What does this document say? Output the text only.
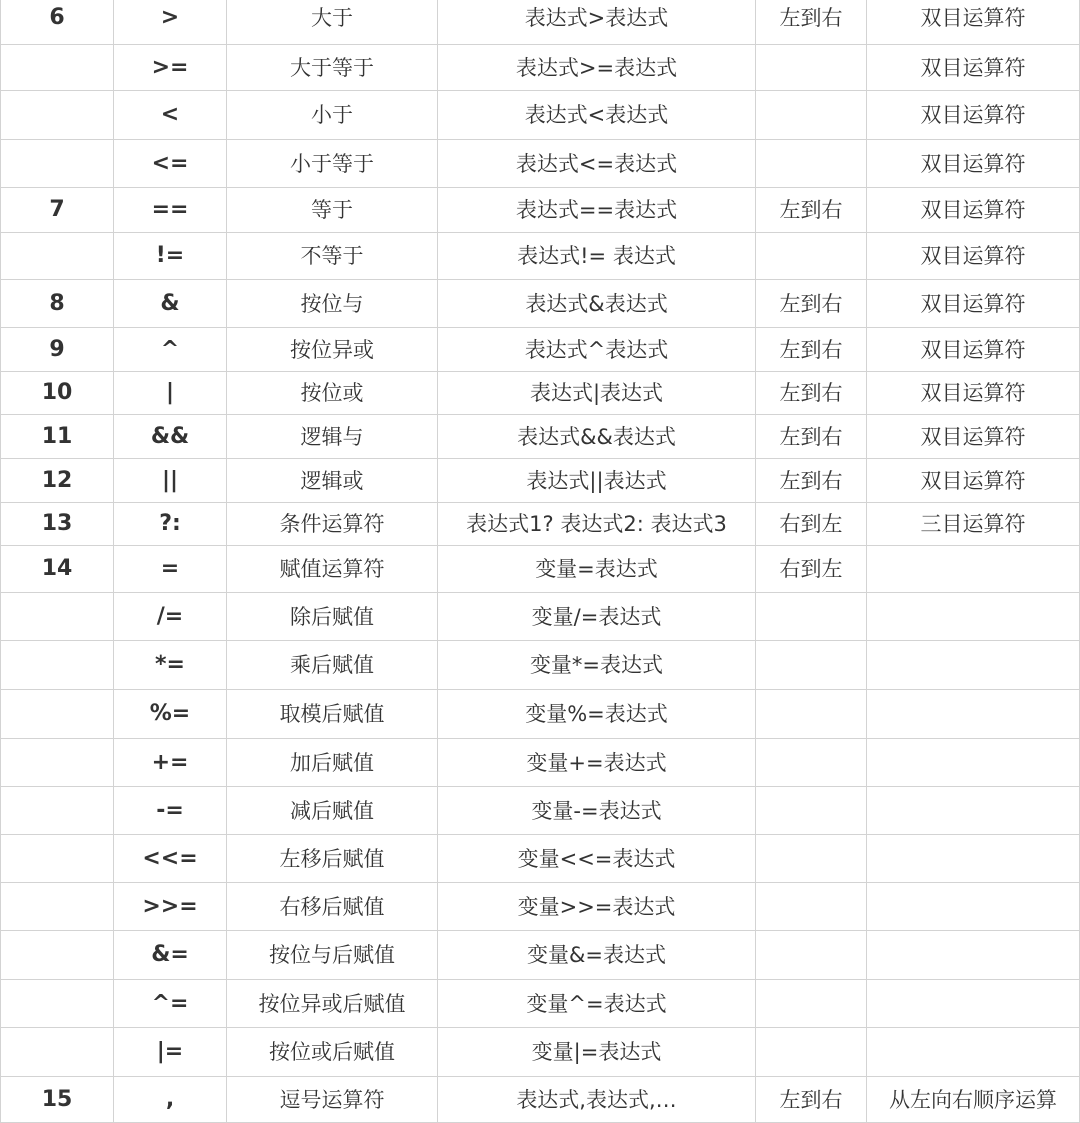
6	>	大于	表达式>表达式	左到右	双目运算符
	>=	大于等于	表达式>=表达式		双目运算符
	<	小于	表达式<表达式		双目运算符
	<=	小于等于	表达式<=表达式		双目运算符
7	==	等于	表达式==表达式	左到右	双目运算符
	!=	不等于	表达式!= 表达式		双目运算符
8	&	按位与	表达式&表达式	左到右	双目运算符
9	^	按位异或	表达式^表达式	左到右	双目运算符
10	|	按位或	表达式|表达式	左到右	双目运算符
11	&&	逻辑与	表达式&&表达式	左到右	双目运算符
12	||	逻辑或	表达式||表达式	左到右	双目运算符
13	?:	条件运算符	表达式1? 表达式2: 表达式3	右到左	三目运算符
14	=	赋值运算符	变量=表达式	右到左	
	/=	除后赋值	变量/=表达式		
	*=	乘后赋值	变量*=表达式		
	%=	取模后赋值	变量%=表达式		
	+=	加后赋值	变量+=表达式		
	-=	减后赋值	变量-=表达式		
	<<=	左移后赋值	变量<<=表达式		
	>>=	右移后赋值	变量>>=表达式		
	&=	按位与后赋值	变量&=表达式		
	^=	按位异或后赋值	变量^=表达式		
	|=	按位或后赋值	变量|=表达式		
15	,	逗号运算符	表达式,表达式,…	左到右	从左向右顺序运算
